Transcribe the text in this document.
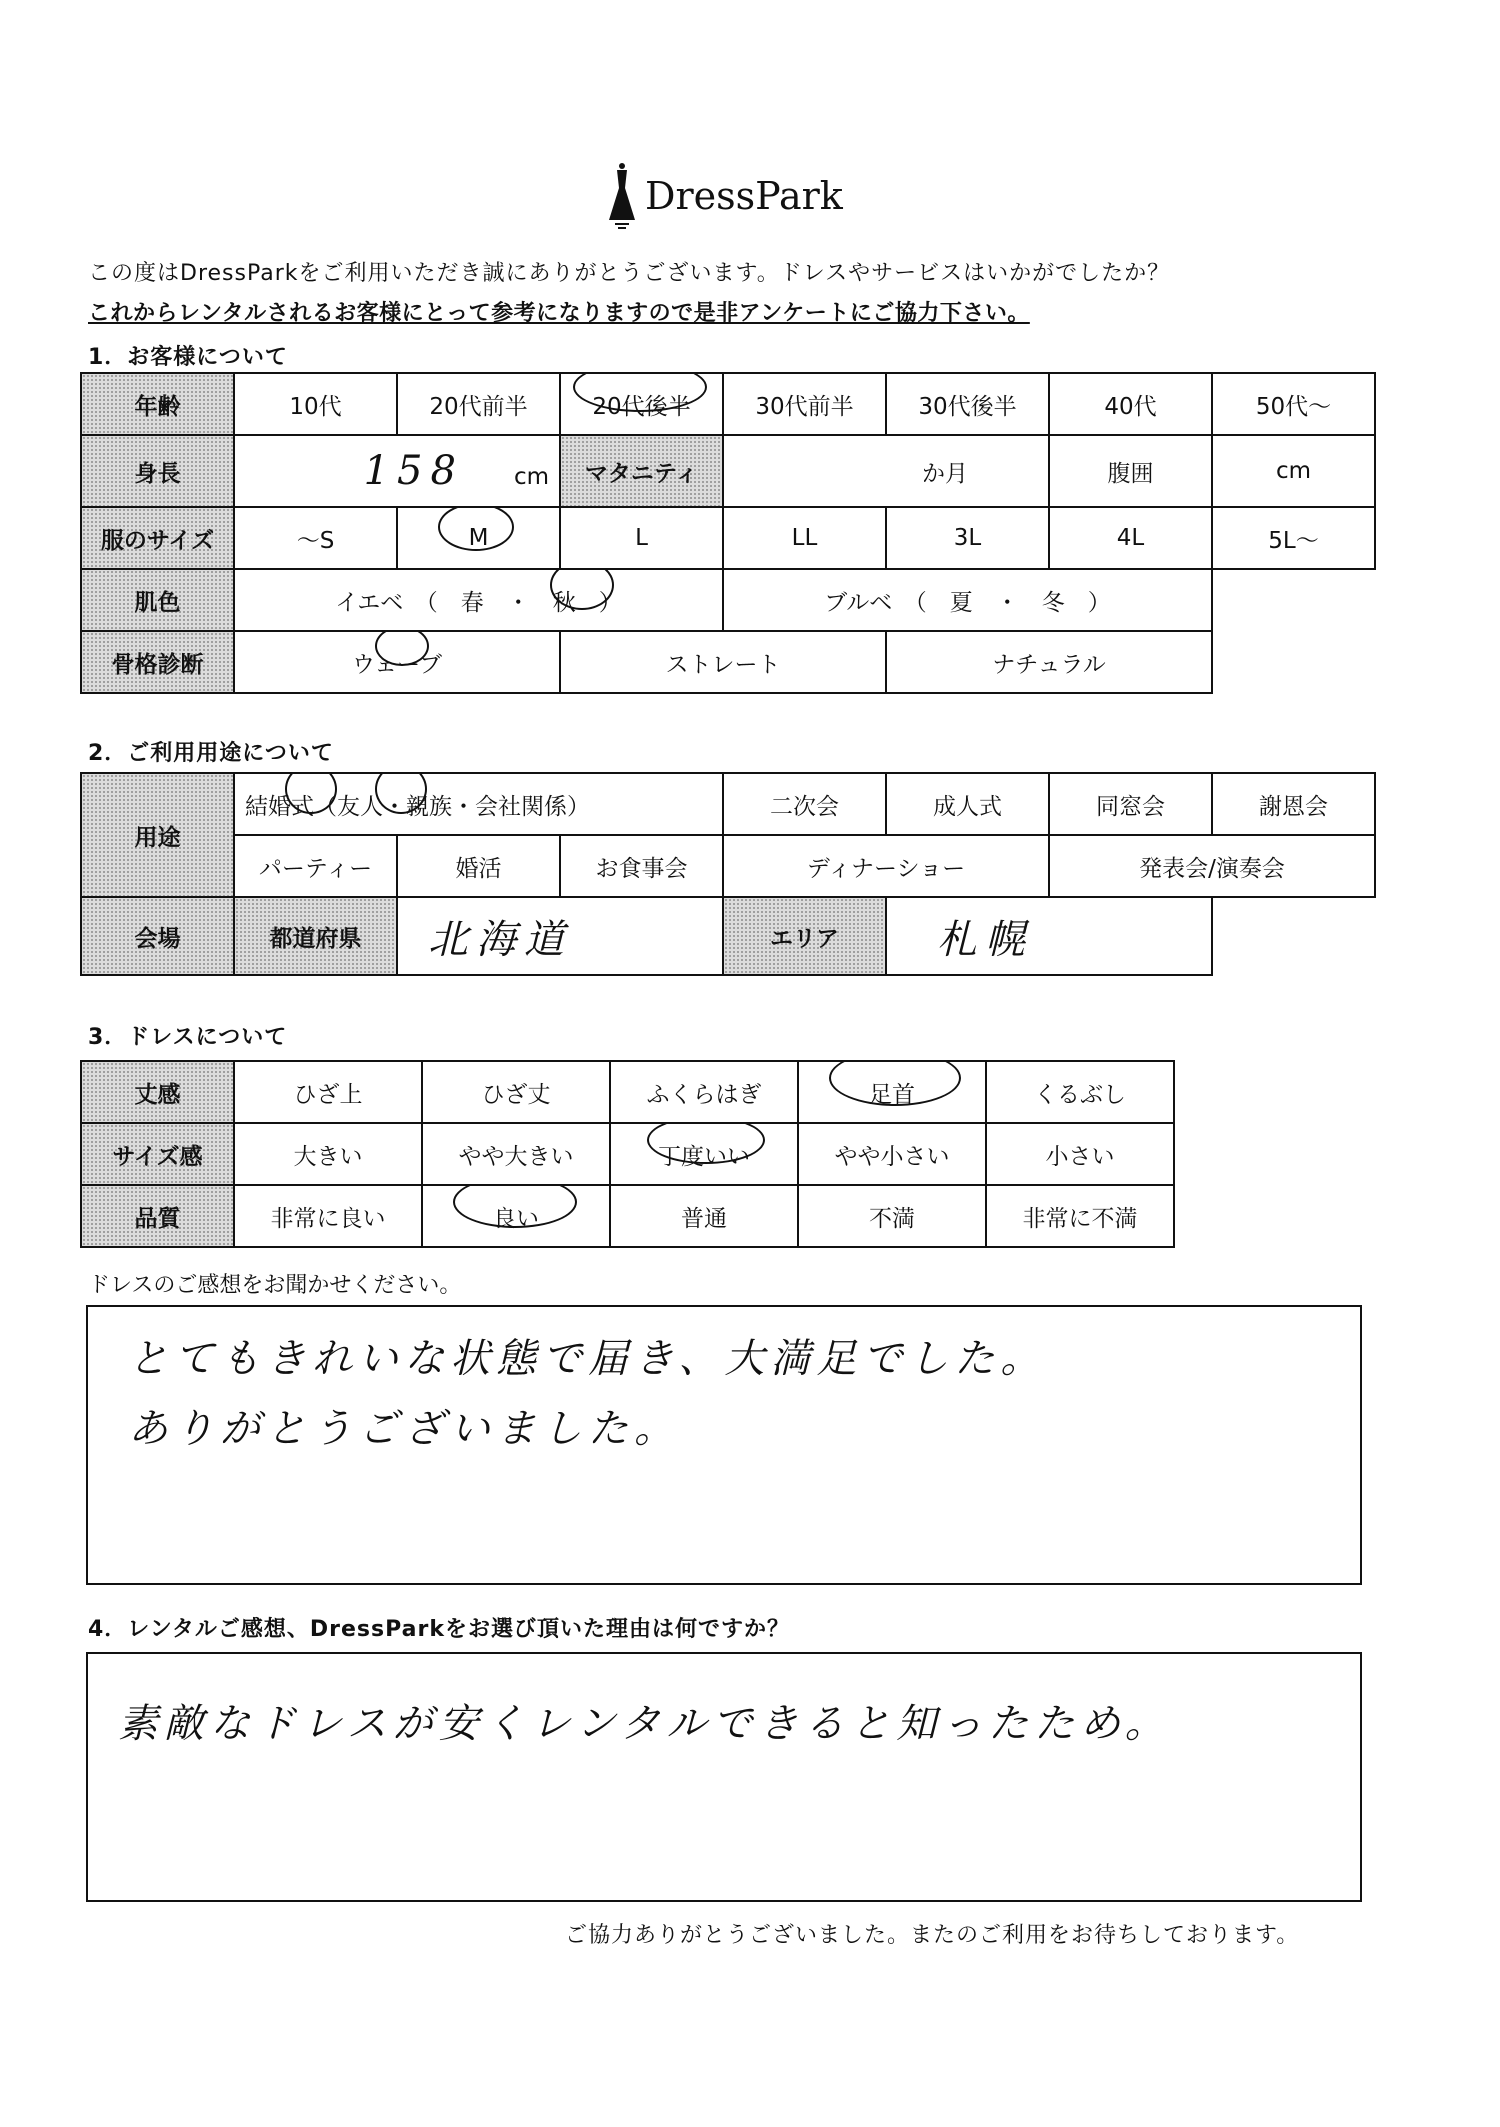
DressPark
この度はDressParkをご利用いただき誠にありがとうございます。ドレスやサービスはいかがでしたか？
これからレンタルされるお客様にとって参考になりますので是非アンケートにご協力下さい。
1．お客様について
年齢	10代	20代前半	20代後半	30代前半	30代後半	40代	50代～
身長	158 cm		マタニティ	か月		腹囲	cm
服のサイズ	～S	M	L	LL	3L	4L	5L～
肌色	イエベ　（　春　・　秋　）			ブルベ　（　夏　・　冬　）			
骨格診断	ウェーブ		ストレート		ナチュラル		
2．ご利用用途について
用途	結婚式（友人・親族・会社関係）			二次会	成人式	同窓会	謝恩会
	パーティー	婚活	お食事会	ディナーショー		発表会/演奏会	
会場	都道府県	北海道		エリア	札幌		
3．ドレスについて
丈感	ひざ上	ひざ丈	ふくらはぎ	足首	くるぶし
サイズ感	大きい	やや大きい	丁度いい	やや小さい	小さい
品質	非常に良い	良い	普通	不満	非常に不満
ドレスのご感想をお聞かせください。
とてもきれいな状態で届き、大満足でした。
ありがとうございました。
4．レンタルご感想、DressParkをお選び頂いた理由は何ですか？
素敵なドレスが安くレンタルできると知ったため。
ご協力ありがとうございました。またのご利用をお待ちしております。
